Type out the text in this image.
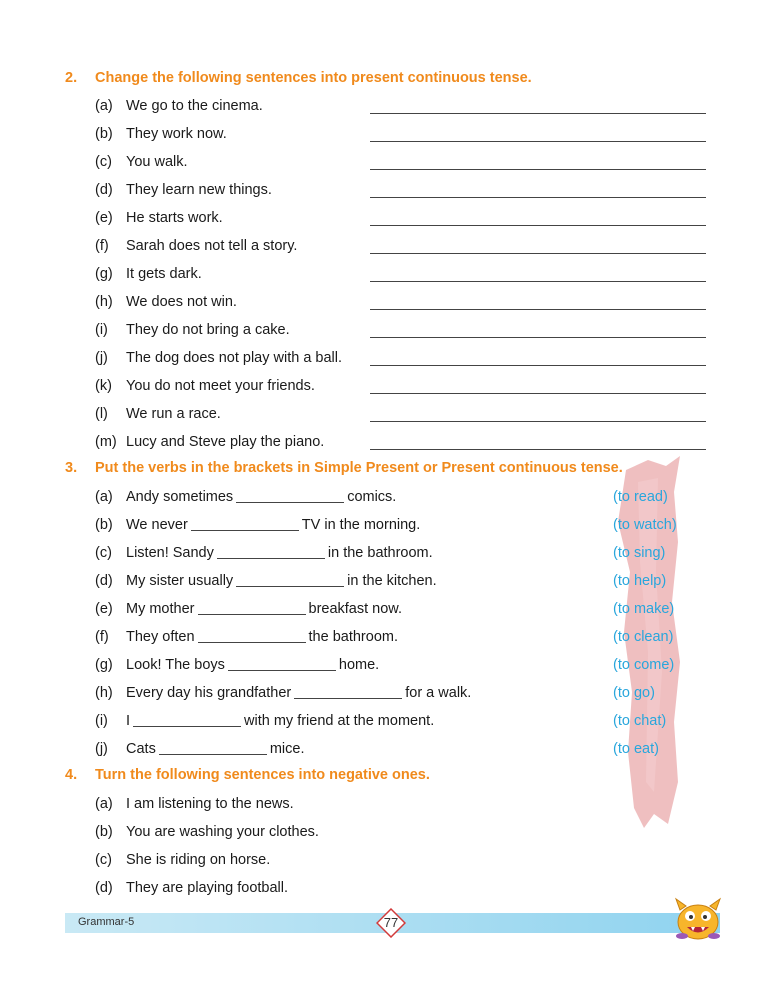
2. Change the following sentences into present continuous tense.
(a) We go to the cinema.
(b) They work now.
(c) You walk.
(d) They learn new things.
(e) He starts work.
(f) Sarah does not tell a story.
(g) It gets dark.
(h) We does not win.
(i) They do not bring a cake.
(j) The dog does not play with a ball.
(k) You do not meet your friends.
(l) We run a race.
(m) Lucy and Steve play the piano.
3. Put the verbs in the brackets in Simple Present or Present continuous tense.
(a) Andy sometimes	comics.	(to read)
(b) We never	TV in the morning.	(to watch)
(c) Listen! Sandy	in the bathroom.	(to sing)
(d) My sister usually	in the kitchen.	(to help)
(e) My mother	breakfast now.	(to make)
(f) They often	the bathroom.	(to clean)
(g) Look! The boys	home.	(to come)
(h) Every day his grandfather	for a walk.	(to go)
(i) I	with my friend at the moment.	(to chat)
(j) Cats	mice.	(to eat)
4. Turn the following sentences into negative ones.
(a) I am listening to the news.
(b) You are washing your clothes.
(c) She is riding on horse.
(d) They are playing football.
Grammar-5	77
